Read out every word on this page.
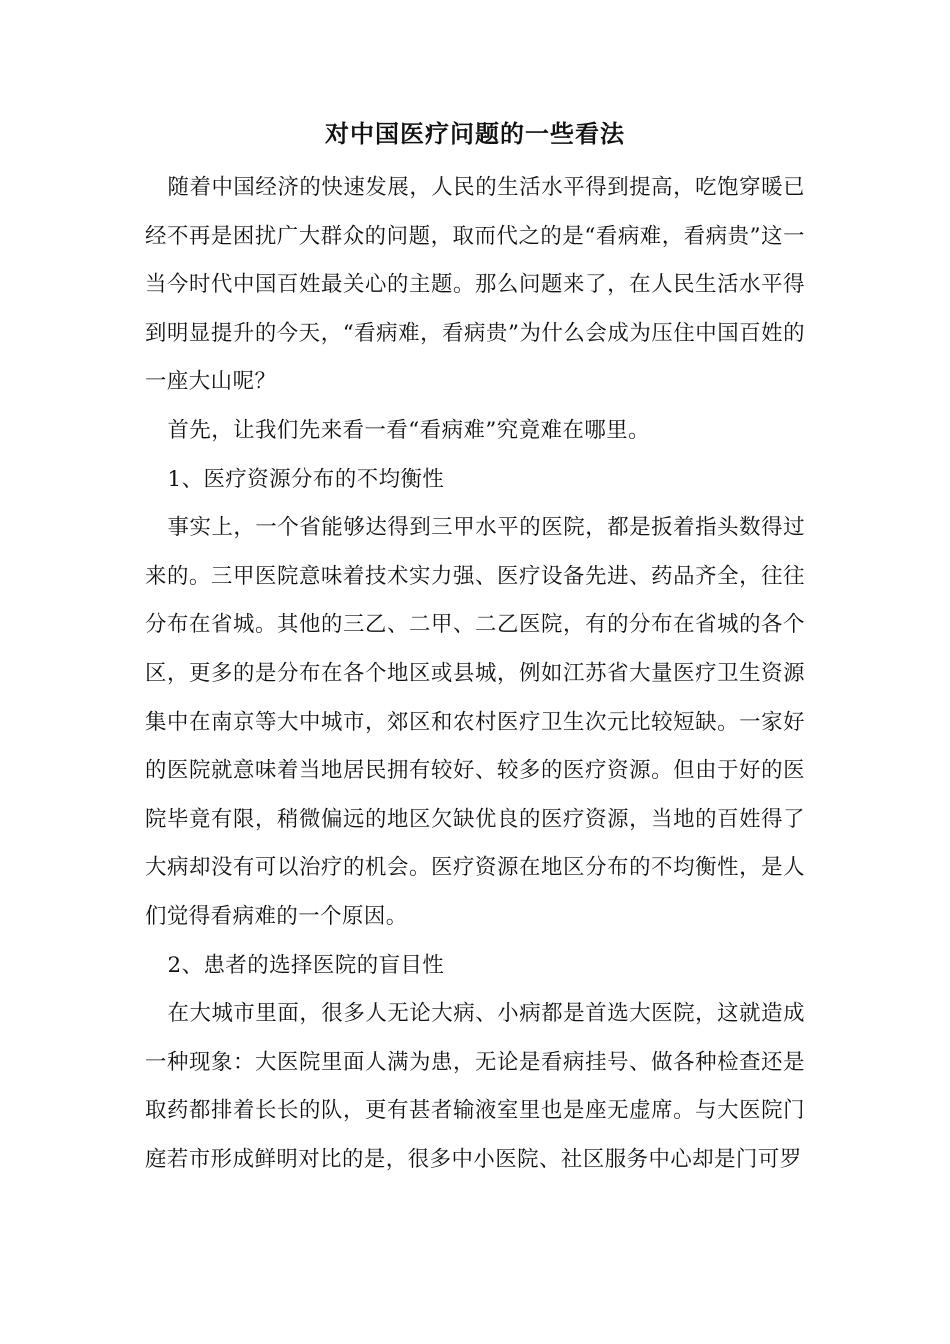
对中国医疗问题的一些看法

随着中国经济的快速发展，人民的生活水平得到提高，吃饱穿暖已经不再是困扰广大群众的问题，取而代之的是“看病难，看病贵”这一当今时代中国百姓最关心的主题。那么问题来了，在人民生活水平得到明显提升的今天，“看病难，看病贵”为什么会成为压住中国百姓的一座大山呢？

首先，让我们先来看一看“看病难”究竟难在哪里。

1、医疗资源分布的不均衡性

事实上，一个省能够达得到三甲水平的医院，都是扳着指头数得过来的。三甲医院意味着技术实力强、医疗设备先进、药品齐全，往往分布在省城。其他的三乙、二甲、二乙医院，有的分布在省城的各个区，更多的是分布在各个地区或县城，例如江苏省大量医疗卫生资源集中在南京等大中城市，郊区和农村医疗卫生次元比较短缺。一家好的医院就意味着当地居民拥有较好、较多的医疗资源。但由于好的医院毕竟有限，稍微偏远的地区欠缺优良的医疗资源，当地的百姓得了大病却没有可以治疗的机会。医疗资源在地区分布的不均衡性，是人们觉得看病难的一个原因。

2、患者的选择医院的盲目性

在大城市里面，很多人无论大病、小病都是首选大医院，这就造成一种现象：大医院里面人满为患，无论是看病挂号、做各种检查还是取药都排着长长的队，更有甚者输液室里也是座无虚席。与大医院门庭若市形成鲜明对比的是，很多中小医院、社区服务中心却是门可罗
